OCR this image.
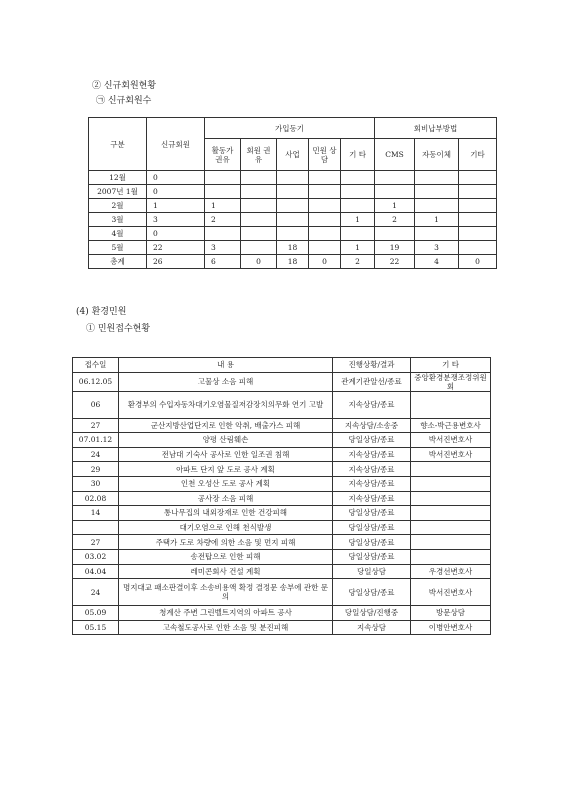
② 신규회원현황
㉠ 신규회원수
구분	신규회원	가입동기					회비납부방법		
		활동가 권유	회원 권유	사업	민원 상담	기 타	CMS	자동이체	기타
12월	0								
2007년 1월	0								
2월	1	1					1		
3월	3	2				1	2	1	
4월	0								
5월	22	3		18		1	19	3	
총계	26	6	0	18	0	2	22	4	0
(4) 환경민원
① 민원접수현황
접수일	내 용	진행상황/결과	기 타
06.12.05	고물상 소음 피해	관계기관알선/종료	중앙환경분쟁조정위원회
06	환경부의 수입자동차대기오염물질저감장치의무화 연기 고발	지속상담/종료	
27	군산지방산업단지로 인한 악취, 배출가스 피해	지속상담/소송중	향소-박근용변호사
07.01.12	양평 산림훼손	당일상담/종료	박서진변호사
24	전남대 기숙사 공사로 인한 일조권 침해	지속상담/종료	박서진변호사
29	아파트 단지 앞 도로 공사 계획	지속상담/종료	
30	인천 오성산 도로 공사 계획	지속상담/종료	
02.08	공사장 소음 피해	지속상담/종료	
14	통나무집의 내외장재로 인한 건강피해	당일상담/종료	
	대기오염으로 인해 천식발생	당일상담/종료	
27	주택가 도로 차량에 의한 소음 및 먼지 피해	당일상담/종료	
03.02	송전탑으로 인한 피해	당일상담/종료	
04.04	레미콘회사 건설 계획	당일상담	우경선변호사
24	명지대교 패소판결이후 소송비용액 확정 결정문 송부에 관한 문의	당일상담/종료	박서진변호사
05.09	청계산 주변 그린벨트지역의 아파트 공사	당일상담/진행중	방문상담
05.15	고속철도공사로 인한 소음 및 분진피해	지속상담	이병안변호사
